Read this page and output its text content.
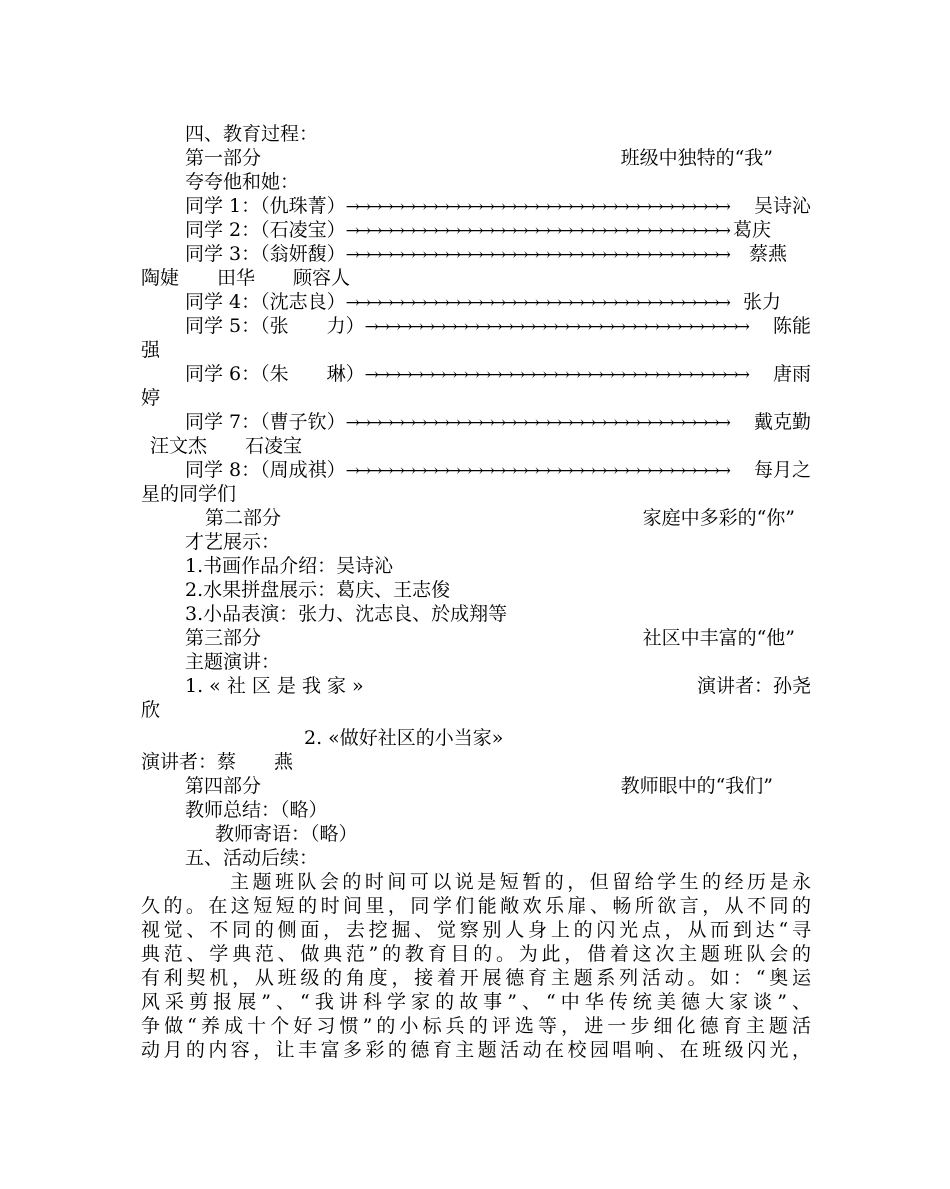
四、教育过程：
第一部分	班级中独特的“我”
夸夸他和她：
同学 1：（仇珠菁） →→→→→→→→→→→→→→→→→→→→→→→→→→→→→→→→→→	吴诗沁
同学 2：（石凌宝） →→→→→→→→→→→→→→→→→→→→→→→→→→→→→→→→→→ 葛庆
同学 3：（翁妍馥） →→→→→→→→→→→→→→→→→→→→→→→→→→→→→→→→→→	蔡燕
陶婕　　田华　　顾容人
同学 4：（沈志良） →→→→→→→→→→→→→→→→→→→→→→→→→→→→→→→→→→ 张力
同学 5：（张　　力） →→→→→→→→→→→→→→→→→→→→→→→→→→→→→→→→→→	陈能
强
同学 6：（朱　　琳） →→→→→→→→→→→→→→→→→→→→→→→→→→→→→→→→→→	唐雨
婷
同学 7：（曹子钦） →→→→→→→→→→→→→→→→→→→→→→→→→→→→→→→→→→	戴克勤
汪文杰　　石凌宝
同学 8：（周成祺） →→→→→→→→→→→→→→→→→→→→→→→→→→→→→→→→→→	每月之
星的同学们
第二部分	家庭中多彩的“你”
才艺展示：
1.书画作品介绍：吴诗沁
2.水果拼盘展示：葛庆、王志俊
3.小品表演：张力、沈志良、於成翔等
第三部分	社区中丰富的“他”
主题演讲：
1. « 社 区 是 我 家 »	演讲者：孙尧
欣
2. «做好社区的小当家»
演讲者：蔡　　燕
第四部分	教师眼中的“我们”
教师总结：（略）
教师寄语：（略）
五、活动后续：
主题班队会的时间可以说是短暂的，但留给学生的经历是永
久的。在这短短的时间里，同学们能敞欢乐扉、畅所欲言，从不同的
视觉、不同的侧面，去挖掘、觉察别人身上的闪光点，从而到达“寻
典范、学典范、做典范”的教育目的。为此，借着这次主题班队会的
有利契机，从班级的角度，接着开展德育主题系列活动。如：“奥运
风采剪报展”、“我讲科学家的故事”、“中华传统美德大家谈”、
争做“养成十个好习惯”的小标兵的评选等，进一步细化德育主题活
动月的内容，让丰富多彩的德育主题活动在校园唱响、在班级闪光，
